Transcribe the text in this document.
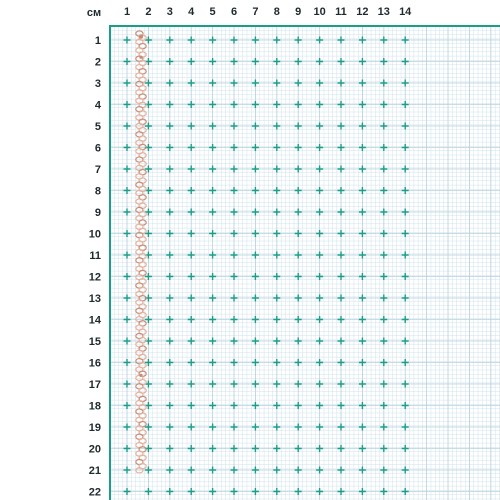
см 1 2 3 4 5 6 7 8 9 10 11 12 13 14
1
2
3
4
5
6
7
8
9
10
11
12
13
14
15
16
17
18
19
20
21
22
